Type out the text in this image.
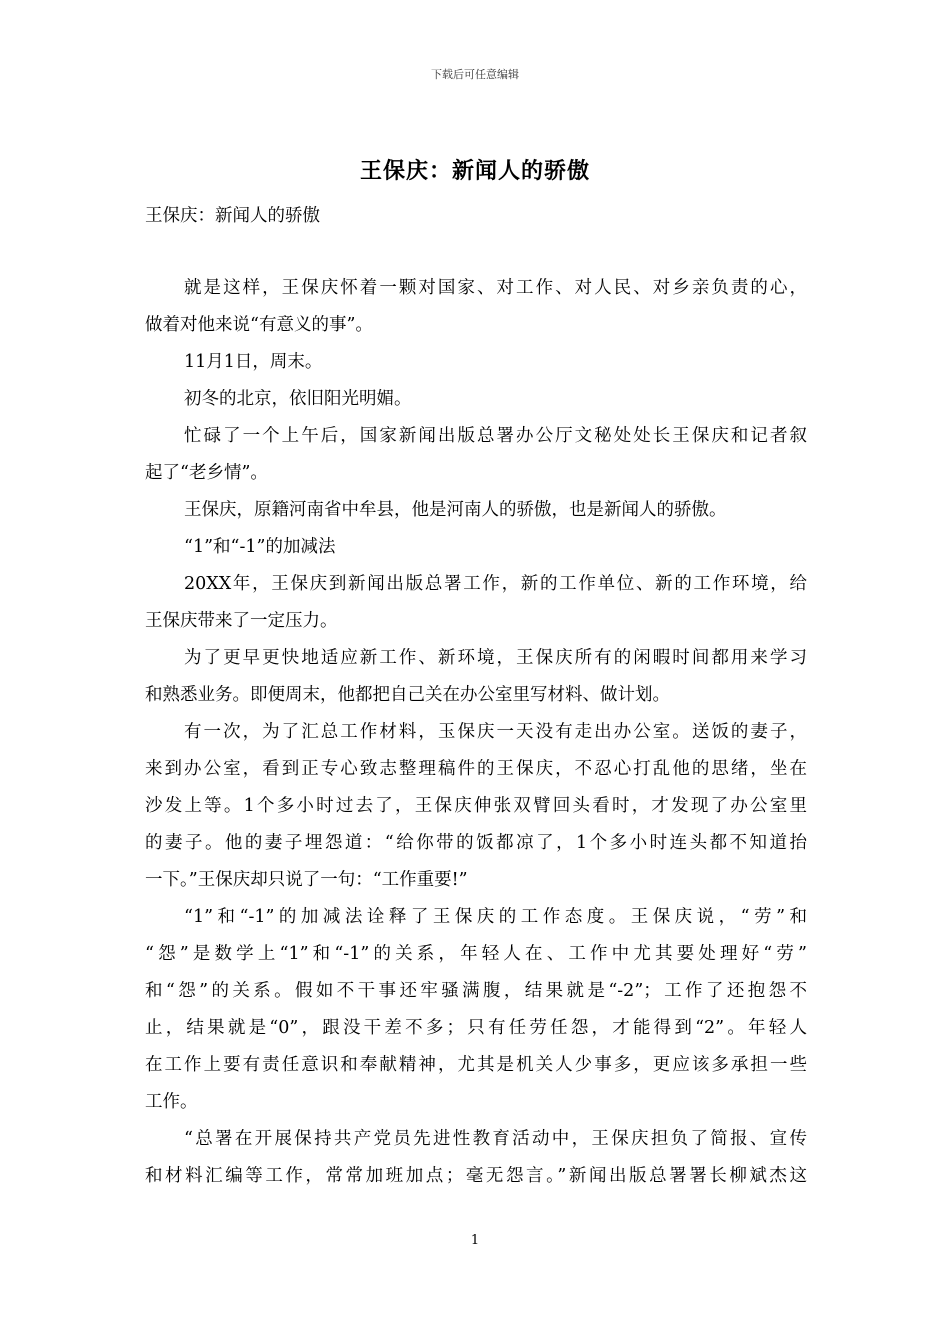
下载后可任意编辑
王保庆：新闻人的骄傲
王保庆：新闻人的骄傲
就是这样，王保庆怀着一颗对国家、对工作、对人民、对乡亲负责的心，
做着对他来说“有意义的事”。
11月1日，周末。
初冬的北京，依旧阳光明媚。
忙碌了一个上午后，国家新闻出版总署办公厅文秘处处长王保庆和记者叙
起了“老乡情”。
王保庆，原籍河南省中牟县，他是河南人的骄傲，也是新闻人的骄傲。
“1”和“-1”的加减法
20XX年，王保庆到新闻出版总署工作，新的工作单位、新的工作环境，给
王保庆带来了一定压力。
为了更早更快地适应新工作、新环境，王保庆所有的闲暇时间都用来学习
和熟悉业务。即便周末，他都把自己关在办公室里写材料、做计划。
有一次，为了汇总工作材料，玉保庆一天没有走出办公室。送饭的妻子，
来到办公室，看到正专心致志整理稿件的王保庆，不忍心打乱他的思绪，坐在
沙发上等。1个多小时过去了，王保庆伸张双臂回头看时，才发现了办公室里
的妻子。他的妻子埋怨道：“给你带的饭都凉了，1个多小时连头都不知道抬
一下。”王保庆却只说了一句：“工作重要!”
“1”和“-1”的加减法诠释了王保庆的工作态度。王保庆说，“劳”和
“怨”是数学上“1”和“-1”的关系，年轻人在、工作中尤其要处理好“劳”
和“怨”的关系。假如不干事还牢骚满腹，结果就是“-2”；工作了还抱怨不
止，结果就是“0”，跟没干差不多；只有任劳任怨，才能得到“2”。年轻人
在工作上要有责任意识和奉献精神，尤其是机关人少事多，更应该多承担一些
工作。
“总署在开展保持共产党员先进性教育活动中，王保庆担负了简报、宣传
和材料汇编等工作，常常加班加点；毫无怨言。”新闻出版总署署长柳斌杰这
1
